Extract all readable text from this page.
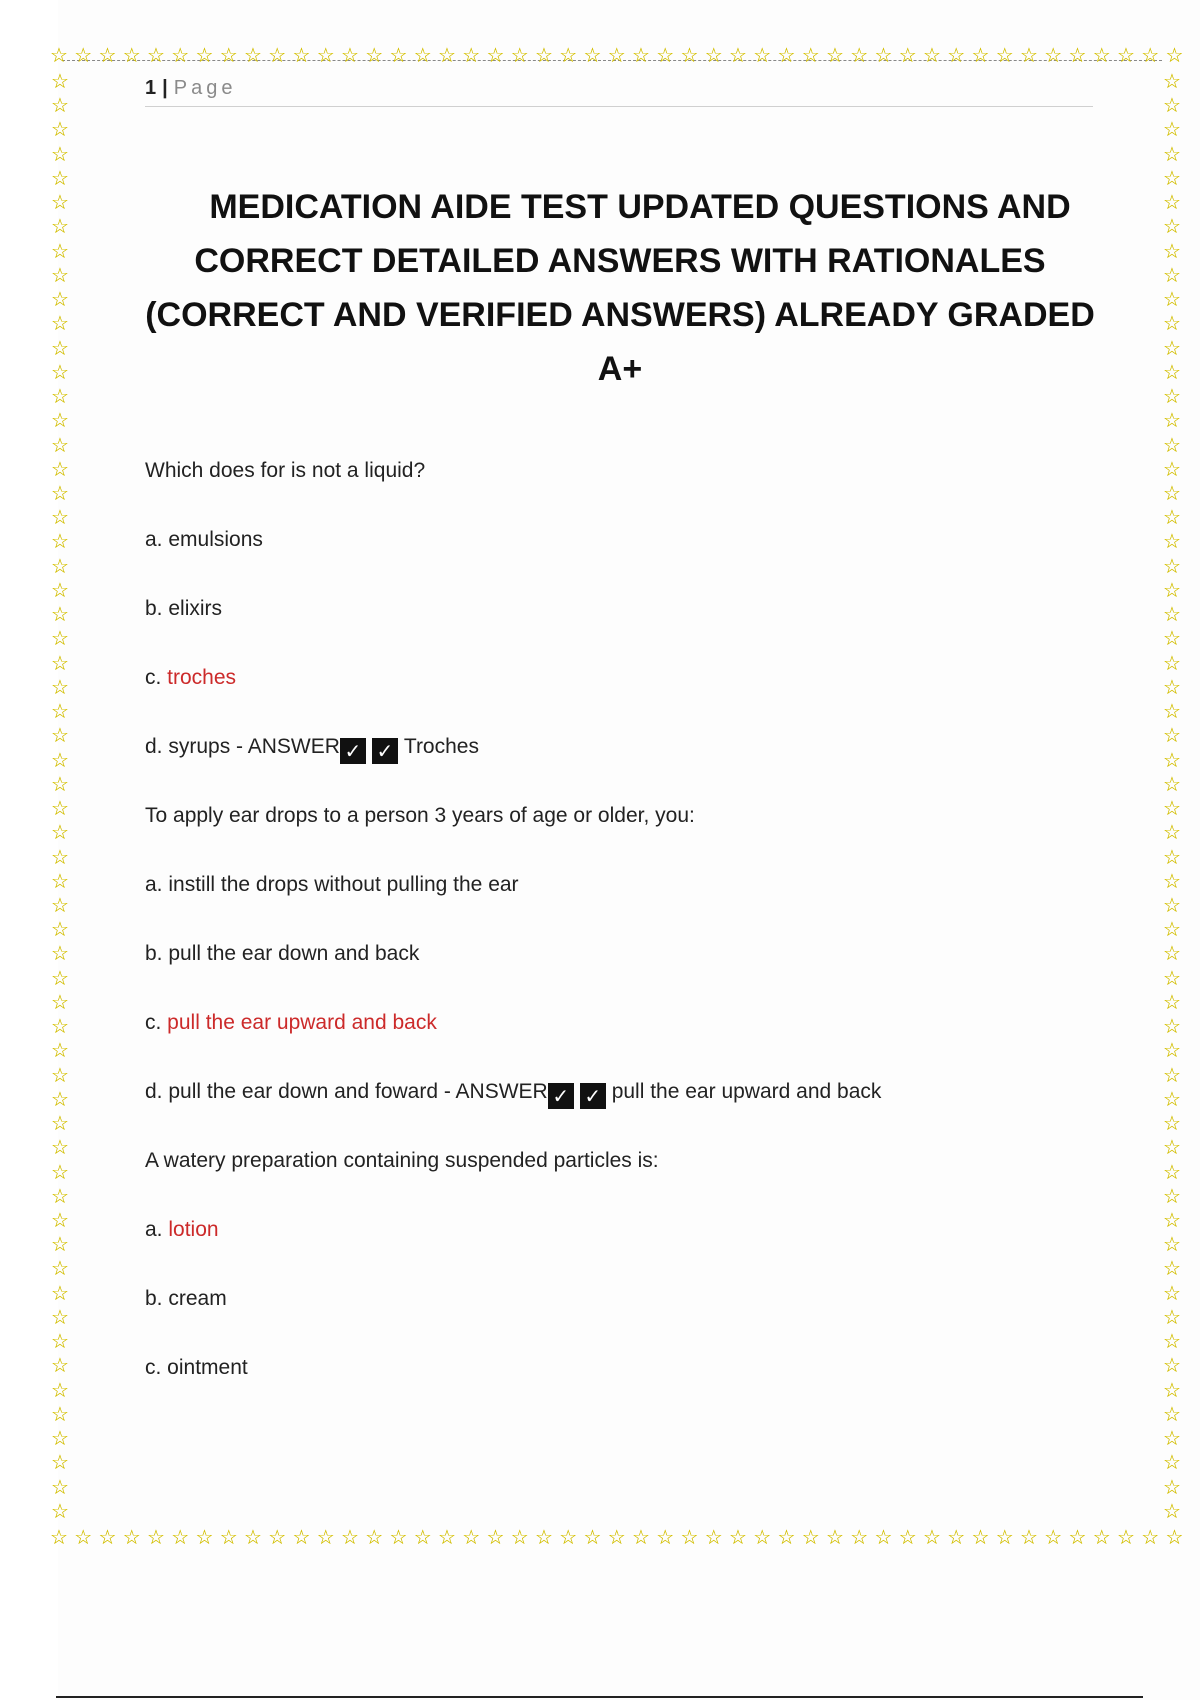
☆ ☆ ☆ ☆ ☆ ☆ ☆ ☆ ☆ ☆ ☆ ☆ ☆ ☆ ☆ ☆ ☆ ☆ ☆ ☆ ☆ ☆ ☆ ☆ ☆ ☆ ☆ ☆ ☆ ☆ ☆ ☆ ☆ ☆ ☆ ☆ ☆ ☆ ☆ ☆ ☆ ☆ ☆ ☆ ☆ ☆ ☆
☆ ☆ ☆ ☆ ☆ ☆ ☆ ☆ ☆ ☆ ☆ ☆ ☆ ☆ ☆ ☆ ☆ ☆ ☆ ☆ ☆ ☆ ☆ ☆ ☆ ☆ ☆ ☆ ☆ ☆ ☆ ☆ ☆ ☆ ☆ ☆ ☆ ☆ ☆ ☆ ☆ ☆ ☆ ☆ ☆ ☆ ☆
☆
☆
☆
☆
☆
☆
☆
☆
☆
☆
☆
☆
☆
☆
☆
☆
☆
☆
☆
☆
☆
☆
☆
☆
☆
☆
☆
☆
☆
☆
☆
☆
☆
☆
☆
☆
☆
☆
☆
☆
☆
☆
☆
☆
☆
☆
☆
☆
☆
☆
☆
☆
☆
☆
☆
☆
☆
☆
☆
☆
☆
☆
☆
☆
☆
☆
☆
☆
☆
☆
☆
☆
☆
☆
☆
☆
☆
☆
☆
☆
☆
☆
☆
☆
☆
☆
☆
☆
☆
☆
☆
☆
☆
☆
☆
☆
☆
☆
☆
☆
☆
☆
☆
☆
☆
☆
☆
☆
☆
☆
☆
☆
☆
☆
☆
☆
☆
☆
☆
☆
1 | Page
MEDICATION AIDE TEST UPDATED QUESTIONS AND
CORRECT DETAILED ANSWERS WITH RATIONALES
(CORRECT AND VERIFIED ANSWERS) ALREADY GRADED
A+
Which does for is not a liquid?
a. emulsions
b. elixirs
c. troches
d. syrups - ANSWER ✓ ✓ Troches
To apply ear drops to a person 3 years of age or older, you:
a. instill the drops without pulling the ear
b. pull the ear down and back
c. pull the ear upward and back
d. pull the ear down and foward - ANSWER ✓ ✓ pull the ear upward and back
A watery preparation containing suspended particles is:
a. lotion
b. cream
c. ointment
